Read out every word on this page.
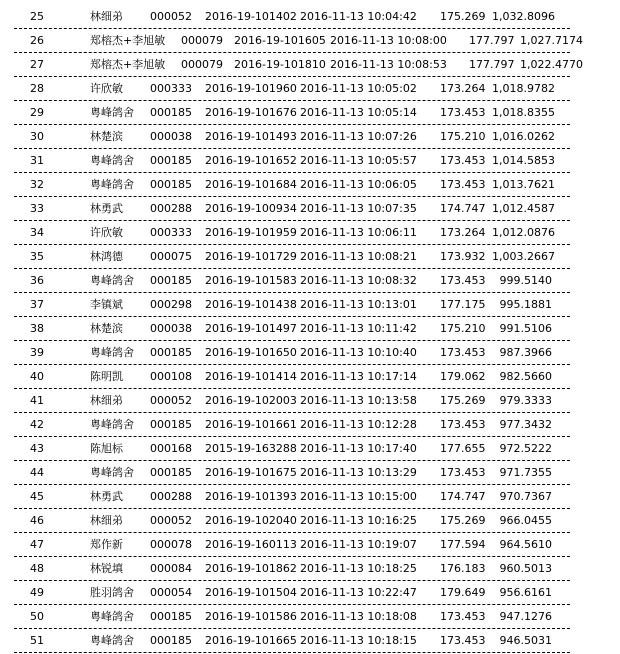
25	林细弟 000052 2016-19-101402 2016-11-13 10:04:42 175.269 1,032.8096
26	郑榕杰+李旭敏 000079 2016-19-101605 2016-11-13 10:08:00 177.797 1,027.7174
27	郑榕杰+李旭敏 000079 2016-19-101810 2016-11-13 10:08:53 177.797 1,022.4770
28	许欣敏 000333 2016-19-101960 2016-11-13 10:05:02 173.264 1,018.9782
29	粤峰鸽舍 000185 2016-19-101676 2016-11-13 10:05:14 173.453 1,018.8355
30	林楚滨 000038 2016-19-101493 2016-11-13 10:07:26 175.210 1,016.0262
31	粤峰鸽舍 000185 2016-19-101652 2016-11-13 10:05:57 173.453 1,014.5853
32	粤峰鸽舍 000185 2016-19-101684 2016-11-13 10:06:05 173.453 1,013.7621
33	林勇武 000288 2016-19-100934 2016-11-13 10:07:35 174.747 1,012.4587
34	许欣敏 000333 2016-19-101959 2016-11-13 10:06:11 173.264 1,012.0876
35	林鸿德 000075 2016-19-101729 2016-11-13 10:08:21 173.932 1,003.2667
36	粤峰鸽舍 000185 2016-19-101583 2016-11-13 10:08:32 173.453	999.5140
37	李镇斌 000298 2016-19-101438 2016-11-13 10:13:01 177.175	995.1881
38	林楚滨 000038 2016-19-101497 2016-11-13 10:11:42 175.210	991.5106
39	粤峰鸽舍 000185 2016-19-101650 2016-11-13 10:10:40 173.453	987.3966
40	陈明凯 000108 2016-19-101414 2016-11-13 10:17:14 179.062	982.5660
41	林细弟 000052 2016-19-102003 2016-11-13 10:13:58 175.269	979.3333
42	粤峰鸽舍 000185 2016-19-101661 2016-11-13 10:12:28 173.453	977.3432
43	陈旭标 000168 2015-19-163288 2016-11-13 10:17:40 177.655	972.5222
44	粤峰鸽舍 000185 2016-19-101675 2016-11-13 10:13:29 173.453	971.7355
45	林勇武 000288 2016-19-101393 2016-11-13 10:15:00 174.747	970.7367
46	林细弟 000052 2016-19-102040 2016-11-13 10:16:25 175.269	966.0455
47	郑作新 000078 2016-19-160113 2016-11-13 10:19:07 177.594	964.5610
48	林锐填 000084 2016-19-101862 2016-11-13 10:18:25 176.183	960.5013
49	胜羽鸽舍 000054 2016-19-101504 2016-11-13 10:22:47 179.649	956.6161
50	粤峰鸽舍 000185 2016-19-101586 2016-11-13 10:18:08 173.453	947.1276
51	粤峰鸽舍 000185 2016-19-101665 2016-11-13 10:18:15 173.453	946.5031
